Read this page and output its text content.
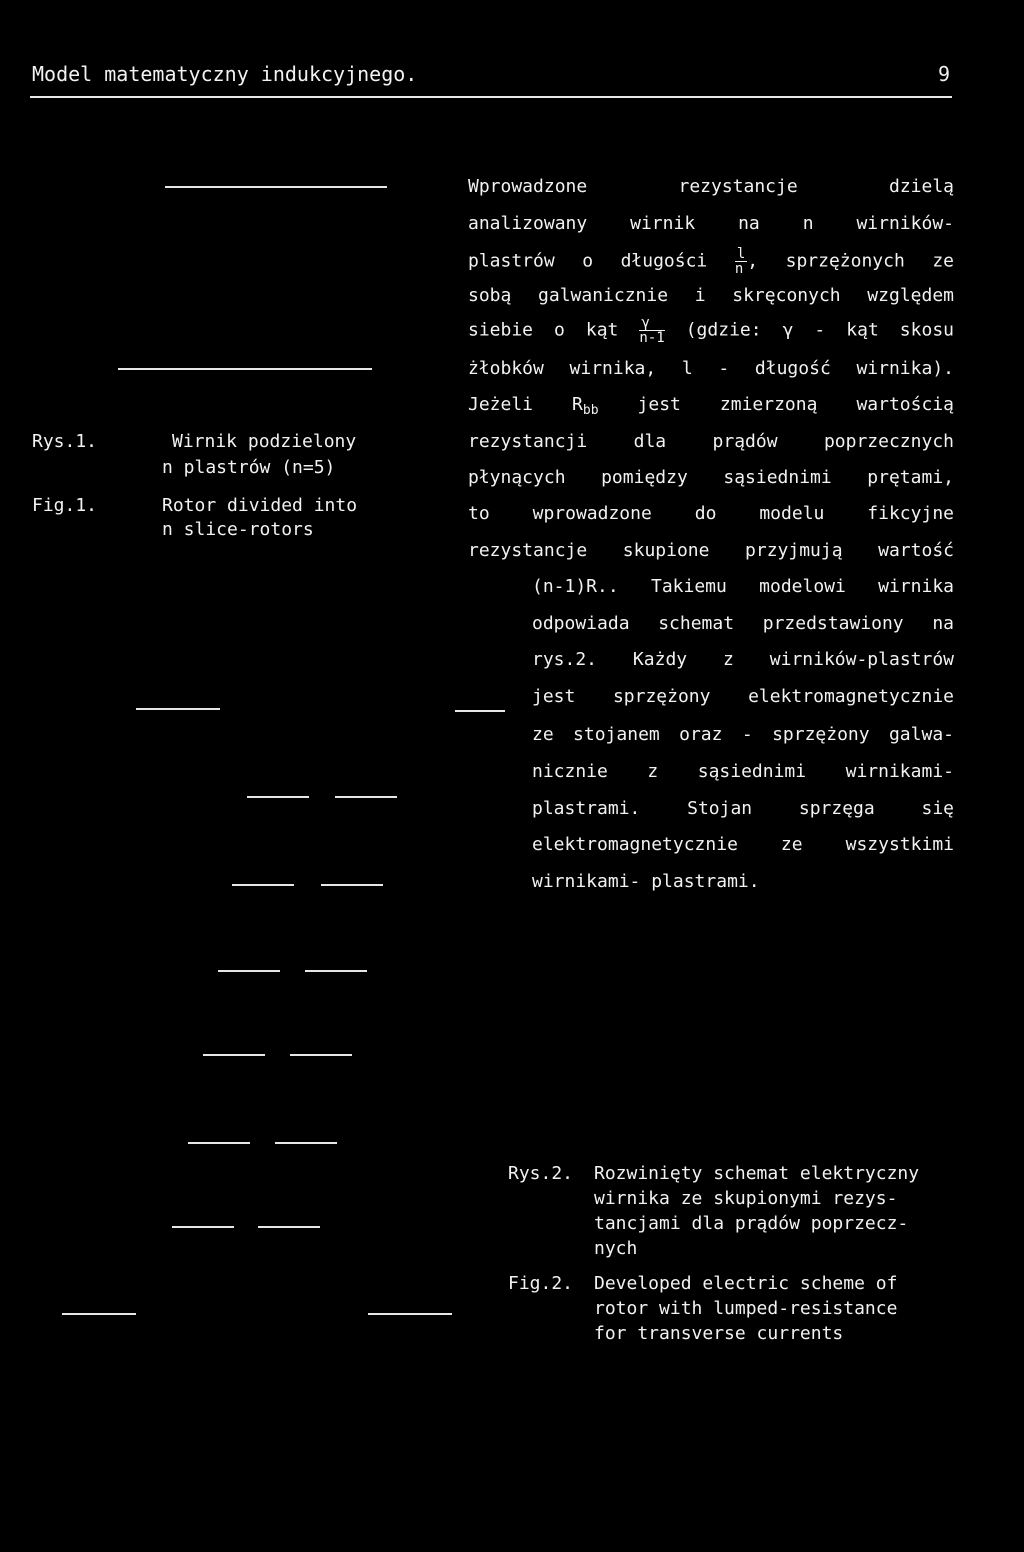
Model matematyczny indukcyjnego.	9
Rys.1.	Wirnik podzielony
n plastrów (n=5)
Fig.1.	Rotor divided into
n slice-rotors
Wprowadzone rezystancje dzielą
analizowany wirnik na n wirników-
plastrów o długości $\frac{l}{n}$ , sprzężonych ze
sobą galwanicznie i skręconych względem
siebie o kąt $\frac{\gamma}{n-1}$ (gdzie: γ - kąt skosu
żłobków wirnika, l - długość wirnika).
Jeżeli $R_{bb}$ jest zmierzoną wartością
rezystancji dla prądów poprzecznych
płynących pomiędzy sąsiednimi prętami,
to wprowadzone do modelu fikcyjne
rezystancje skupione przyjmują wartość
(n-1)R.. Takiemu modelowi wirnika
odpowiada schemat przedstawiony na
rys.2. Każdy z wirników-plastrów
jest sprzężony elektromagnetycznie
ze stojanem oraz - sprzężony galwa-
nicznie z sąsiednimi wirnikami-
plastrami. Stojan sprzęga się
elektromagnetycznie ze wszystkimi
wirnikami- plastrami.
Rys.2. Rozwinięty schemat elektryczny
wirnika ze skupionymi rezys-
tancjami dla prądów poprzecz-
nych
Fig.2. Developed electric scheme of
rotor with lumped-resistance
for transverse currents
